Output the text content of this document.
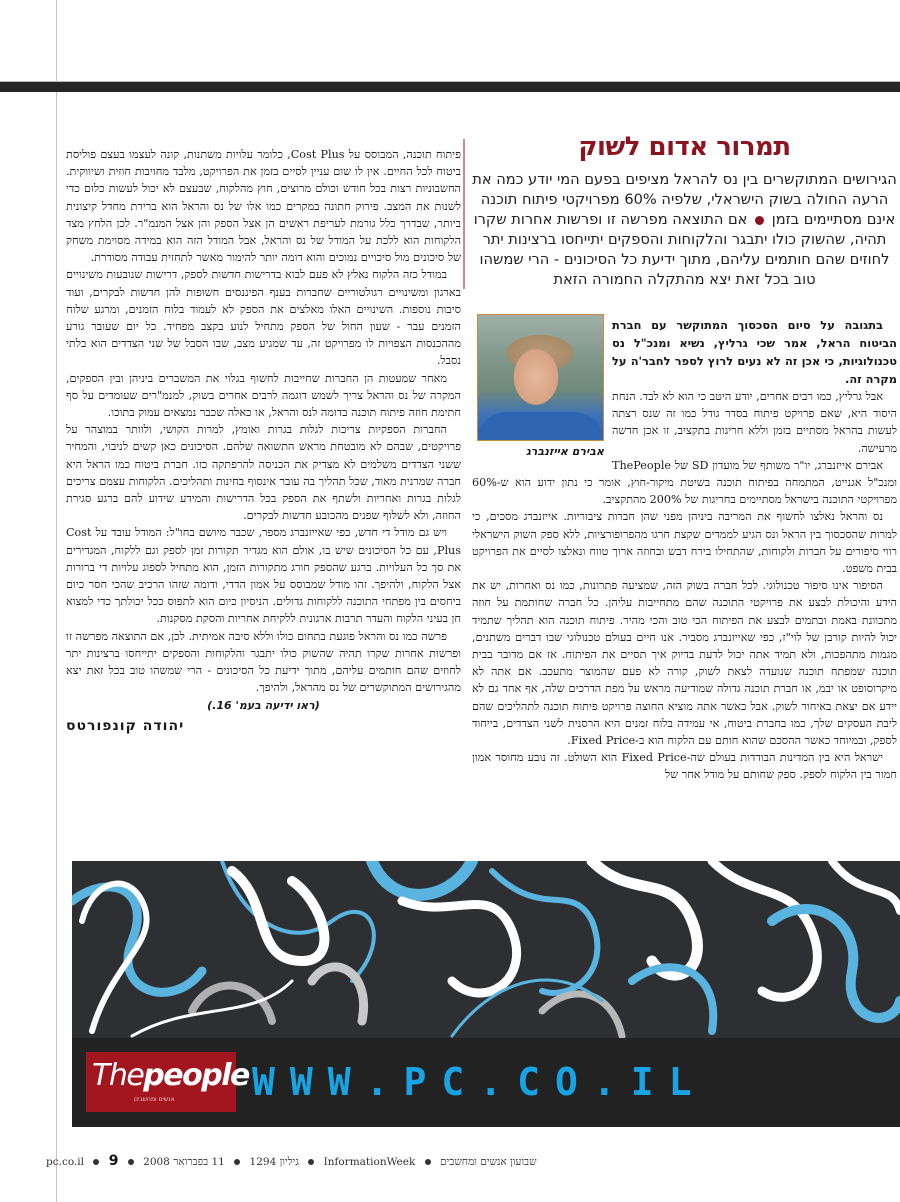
תמרור אדום לשוק

הגירושים המתוקשרים בין נס להראל מציפים בפעם המי יודע כמה את הרעה החולה בשוק הישראלי, שלפיה 60% מפרויקטי פיתוח תוכנה אינם מסתיימים בזמן  אם התוצאה מפרשה זו ופרשות אחרות שקרו תהיה, שהשוק כולו יתבגר והלקוחות והספקים יתייחסו ברצינות יתר לחוזים שהם חותמים עליהם, מתוך ידיעת כל הסיכונים - הרי שמשהו טוב בכל זאת יצא מהתקלה החמורה הזאת

אבירם אייזנברג

בתגובה על סיום הסכסוך המתוקשר עם חברת הביטוח הראל, אמר שכי גרליץ, נשיא ומנכ"ל נס טכנולוגיות, כי אכן זה לא נעים לרוץ לספר לחבר'ה על מקרה זה.

אבל גרליץ, כמו רבים אחרים, יודע היטב כי הוא לא לבד. הנחת היסוד היא, שאם פרויקט פיתוח בסדר גודל כמו זה שנס רצתה לעשות בהראל מסתיים בזמן וללא חריגות בתקציב, זו אכן חדשה מרעישה.

אבירם אייזנברג, יו"ר משותף של מועדון SD של ThePeople ומנכ"ל אגנייט, המתמחה בפיתוח תוכנה בשיטת מיקור-חוץ, אומר כי נתון ידוע הוא ש-60% מפרויקטי התוכנה בישראל מסתיימים בחריגות של 200% מהתקציב.

נס והראל נאלצו לחשוף את המריבה ביניהן מפני שהן חברות ציבוריות. אייזנברג מסכים, כי למרות שהסכסוך בין הראל ונס הגיע לממדים שקצת חרגו מהפרופורציות, ללא ספק השוק הישראלי רווי סיפורים על חברות ולקוחות, שהתחילו בירח דבש ובחוזה ארוך טווח ונאלצו לסיים את הפרויקט בבית משפט.

הסיפור אינו סיפור טכנולוגי. לכל חברה בשוק הזה, שמציעה פתרונות, כמו נס ואחרות, יש את הידע והיכולת לבצע את פרויקטי התוכנה שהם מתחייבות עליהן. כל חברה שחותמת על חוזה מתכוונת באמת ובתמים לבצע את הפיתוח הכי טוב והכי מהיר. פיתוח תוכנה הוא תהליך שתמיד יכול להיות קורבן של לוי"ז, כפי שאייזנברג מסביר. אנו חיים בעולם טכנולוגי שבו דברים משתנים, מגמות מתהפכות, ולא תמיד אתה יכול לדעת בדיוק איך תסיים את הפיתוח. אז אם מדובר בבית תוכנה שמפתח תוכנה שנועדה לצאת לשוק, קורה לא פעם שהמוצר מתעכב. אם אתה לא מיקרוסופט או יבמ, או חברת תוכנה גדולה שמודיעה מראש על מפת הדרכים שלה, אף אחד גם לא יידע אם יצאת באיחור לשוק. אבל כאשר אתה מוציא החוצה פרויקט פיתוח תוכנה לתהליכים שהם ליבת העסקים שלך, כמו בחברת ביטוח, אי עמידה בלוח זמנים היא הרסנית לשני הצדדים, בייחוד לספק, ובמיוחד כאשר ההסכם שהוא חותם עם הלקוח הוא ב-Fixed Price.

ישראל היא בין המדינות הבודדות בעולם שה-Fixed Price הוא השולט. זה נובע מחוסר אמון חמור בין הלקוח לספק. ספק שחותם על מודל אחר של

פיתוח תוכנה, המבוסס על Cost Plus, כלומר עלויות משתנות, קונה לעצמו בעצם פוליסת ביטוח לכל החיים. אין לו שום עניין לסיים בזמן את הפרויקט, מלבד מחויבות חוזית ושיווקית. החשבוניות רצות בכל חודש וכולם מרוצים, חוץ מהלקוח, שבעצם לא יכול לעשות כלום כדי לשנות את המצב. פירוק חתונה במקרים כמו אלו של נס והראל הוא ברירת מחדל קיצונית ביותר, שבדרך כלל גורמת לעריפת ראשים הן אצל הספק והן אצל המנמ"ר. לכן הלחץ מצד הלקוחות הוא ללכת על המודל של נס והראל, אבל המודל הזה הוא במידה מסוימת משחק של סיכונים מול סיכויים נמוכים והוא דומה יותר להימור מאשר לתחזית עבודה מסודרת.

במודל כזה הלקוח נאלץ לא פעם לבוא בדרישות חדשות לספק, דרישות שנובעות משינויים בארגון ומשינויים רגולטוריים שחברות בענף הפיננסים חשופות להן חדשות לבקרים, ועוד סיבות נוספות. השינויים האלו מאלצים את הספק לא לעמוד בלוח הזמנים, ומרגע שלוח הזמנים עבר - שעון החול של הספק מתחיל לנוע בקצב מפחיד. כל יום שעובר גורע מההכנסות הצפויות לו מפרויקט זה, עד שמגיע מצב, שבו הסבל של שני הצדדים הוא בלתי נסבל.

מאחר שמעטות הן החברות שחייבות לחשוף בגלוי את המשברים ביניהן ובין הספקים, המקרה של נס והראל צריך לשמש דוגמה לרבים אחרים בשוק, למנמ"רים שעומדים על סף חתימת חוזה פיתוח תוכנה בדומה לנס והראל, או כאלה שכבר נמצאים עמוק בתוכו.

החברות הספקיות צריכות לגלות בגרות ואומץ, למרות הקושי, ולוותר במוצהר על פרויקטים, שבהם לא מובטחת מראש התשואה שלהם. הסיכונים כאן קשים לניבוי, והמחיר ששני הצדדים משלמים לא מצדיק את הכניסה להרפתקה כזו. חברת ביטוח כמו הראל היא חברה שמרנית מאוד, שכל תהליך בה עובר אינסוף בחינות ותהליכים. הלקוחות עצמם צריכים לגלות בגרות ואחריות ולשתף את הספק בכל הדרישות והמידע שידוע להם ברגע סגירת החוזה, ולא לשלוף שפנים מהכובע חדשות לבקרים.

ויש גם מודל די חדש, כפי שאייזנברג מספר, שכבר מיושם בחו"ל: המודל עובד על Cost Plus, עם כל הסיכונים שיש בו, אולם הוא מגדיר תקורות זמן לספק וגם ללקוח, המגדירים את סך כל העלויות. ברגע שהספק חורג מתקורות הזמן, הוא מתחיל לספוג עלויות די ברורות אצל הלקוח, ולהיפך. זהו מודל שמבוסס על אמון הדדי, ודומה שזהו הרכיב שהכי חסר כיום ביחסים בין מפתחי התוכנה ללקוחות גדולים. הניסיון כיום הוא לתפוס ככל יכולתך כדי למצוא חן בעיני הלקוח והעדר תרבות ארגונית ללקיחת אחריות והסקת מסקנות.

פרשה כמו נס והראל פוגעת בתחום כולו וללא סיבה אמיתית. לכן, אם התוצאה מפרשה זו ופרשות אחרות שקרו תהיה שהשוק כולו יתבגר והלקוחות והספקים יתייחסו ברצינות יתר לחוזים שהם חותמים עליהם, מתוך ידיעת כל הסיכונים - הרי שמשהו טוב בכל זאת יצא מהגירושים המתוקשרים של נס מהראל, ולהיפך.

(ראו ידיעה בעמ' 16.)
יהודה קונפורטס
Thepeople
אנשים ומחשבים WWW.PC.CO.IL
שבועון אנשים ומחשבים  InformationWeek  גיליון 1294  11 בפברואר 2008  pc.co.il 9
